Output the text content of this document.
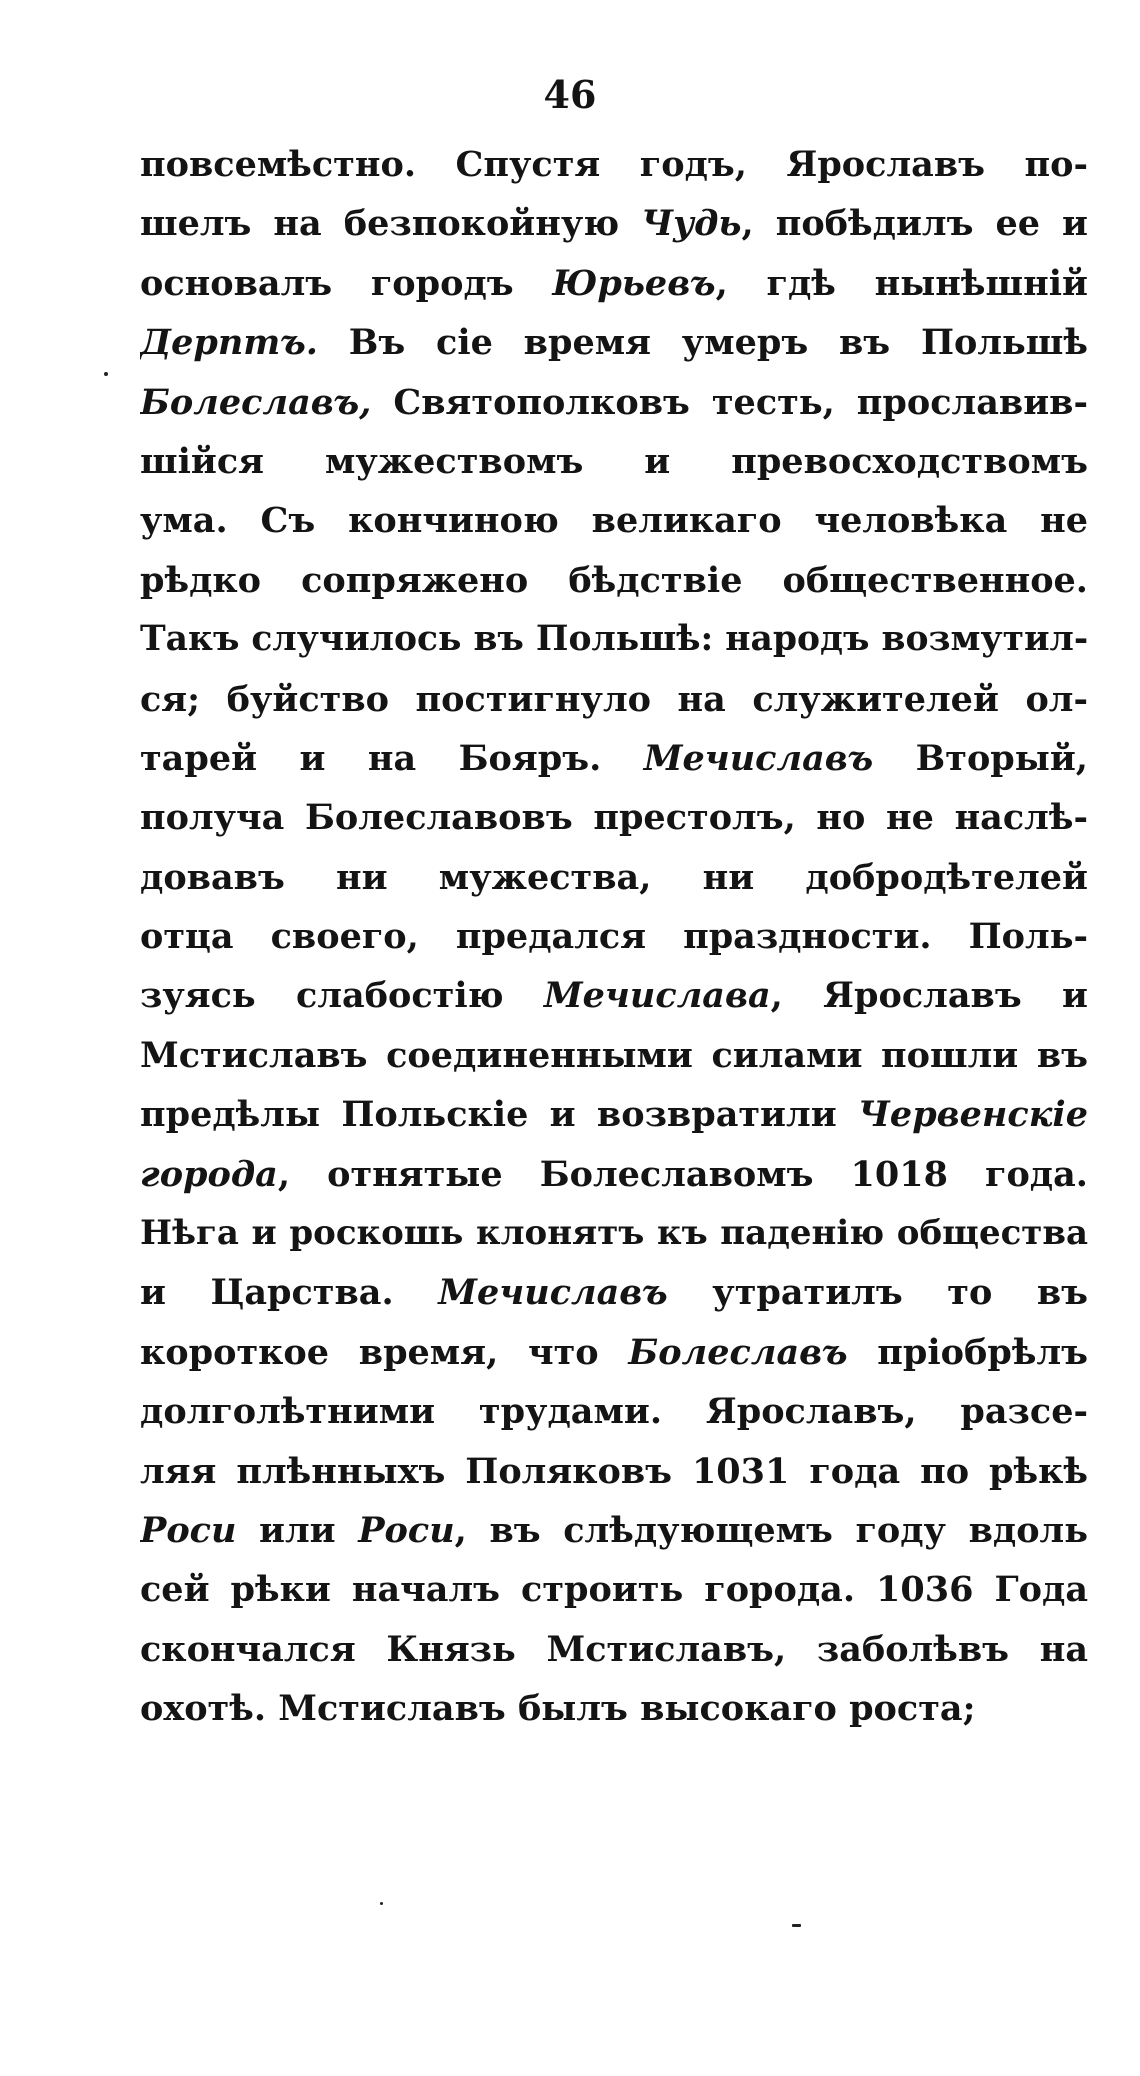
46
повсемѣстно. Спустя годъ, Ярославъ по-
шелъ на безпокойную Чудь, побѣдилъ ее и
основалъ городъ Юрьевъ, гдѣ нынѣшній
Дерптъ. Въ сіе время умеръ въ Польшѣ
Болеславъ, Святополковъ тесть, прославив-
шійся мужествомъ и превосходствомъ
ума. Съ кончиною великаго человѣка не
рѣдко сопряжено бѣдствіе общественное.
Такъ случилось въ Польшѣ: народъ возмутил-
ся; буйство постигнуло на служителей ол-
тарей и на Бояръ. Мечиславъ Вторый,
получа Болеславовъ престолъ, но не наслѣ-
довавъ ни мужества, ни добродѣтелей
отца своего, предался праздности. Поль-
зуясь слабостію Мечислава, Ярославъ и
Мстиславъ соединенными силами пошли въ
предѣлы Польскіе и возвратили Червенскіе
города, отнятые Болеславомъ 1018 года.
Нѣга и роскошь клонятъ къ паденію общества
и Царства. Мечиславъ утратилъ то въ
короткое время, что Болеславъ пріобрѣлъ
долголѣтними трудами. Ярославъ, разсе-
ляя плѣнныхъ Поляковъ 1031 года по рѣкѣ
Роси или Роси, въ слѣдующемъ году вдоль
сей рѣки началъ строить города. 1036 Года
скончался Князь Мстиславъ, заболѣвъ на
охотѣ. Мстиславъ былъ высокаго роста;
